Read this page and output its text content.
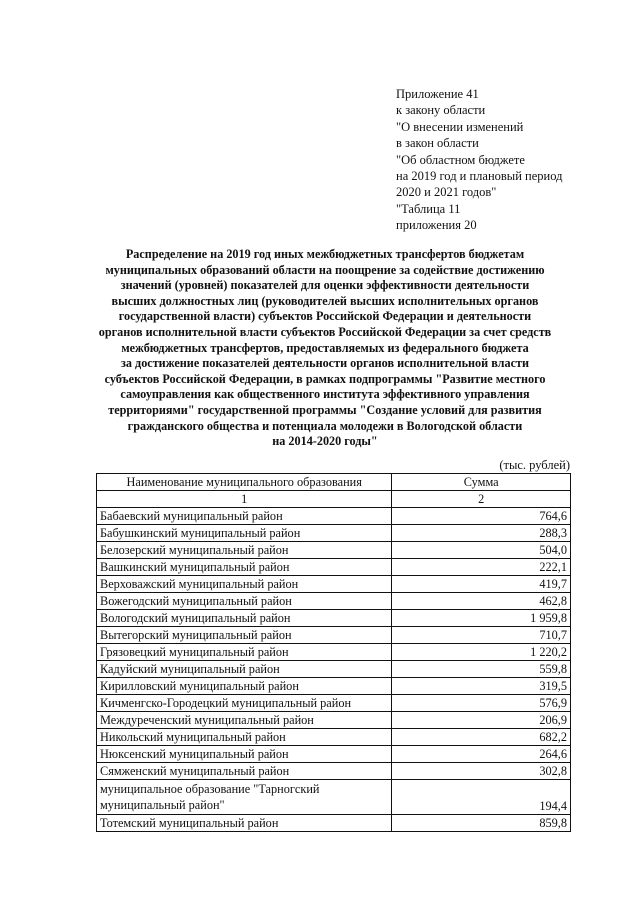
Приложение 41
к закону области
"О внесении изменений
в закон области
"Об областном бюджете
на 2019 год и плановый период
2020 и 2021 годов"
"Таблица 11
приложения 20
Распределение на 2019 год иных межбюджетных трансфертов бюджетам
муниципальных образований области на поощрение за содействие достижению
значений (уровней) показателей для оценки эффективности деятельности
высших должностных лиц (руководителей высших исполнительных органов
государственной власти) субъектов Российской Федерации и деятельности
органов исполнительной власти субъектов Российской Федерации за счет средств
межбюджетных трансфертов, предоставляемых из федерального бюджета
за достижение показателей деятельности органов исполнительной власти
субъектов Российской Федерации, в рамках подпрограммы "Развитие местного
самоуправления как общественного института эффективного управления
территориями" государственной программы "Создание условий для развития
гражданского общества и потенциала молодежи в Вологодской области
на 2014-2020 годы"
(тыс. рублей)
Наименование муниципального образования	Сумма
1	2
Бабаевский муниципальный район	764,6
Бабушкинский муниципальный район	288,3
Белозерский муниципальный район	504,0
Вашкинский муниципальный район	222,1
Верховажский муниципальный район	419,7
Вожегодский муниципальный район	462,8
Вологодский муниципальный район	1 959,8
Вытегорский муниципальный район	710,7
Грязовецкий муниципальный район	1 220,2
Кадуйский муниципальный район	559,8
Кирилловский муниципальный район	319,5
Кичменгско-Городецкий муниципальный район	576,9
Междуреченский муниципальный район	206,9
Никольский муниципальный район	682,2
Нюксенский муниципальный район	264,6
Сямженский муниципальный район	302,8
муниципальное образование "Тарногский муниципальный район"	194,4
Тотемский муниципальный район	859,8
